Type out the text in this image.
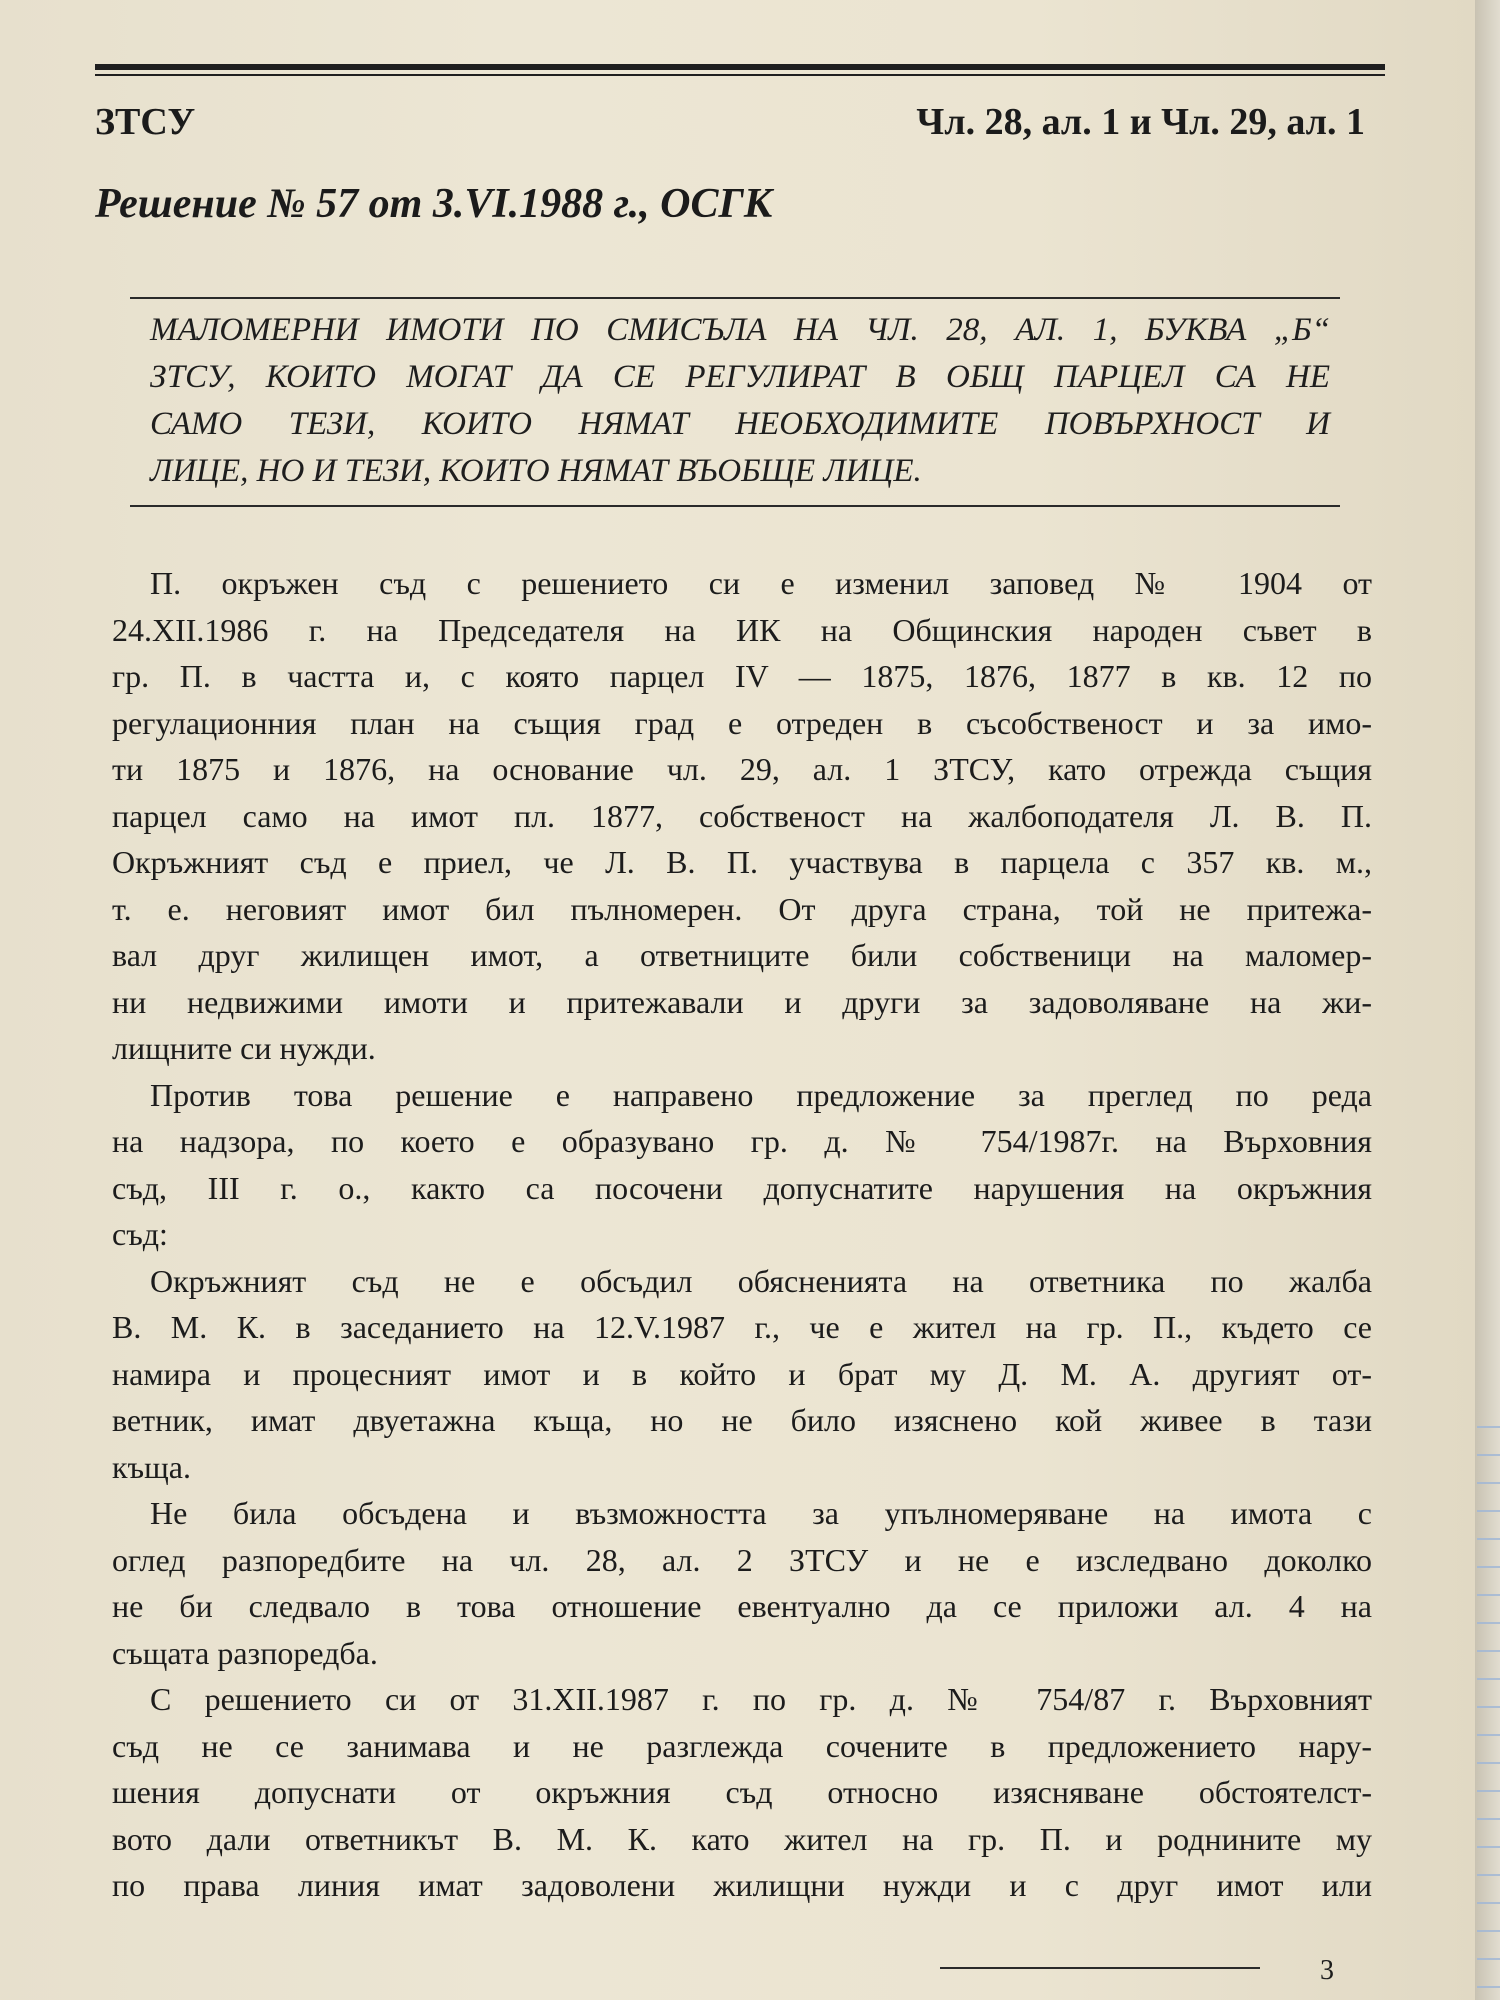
ЗТСУ	Чл. 28, ал. 1 и Чл. 29, ал. 1
Решение № 57 от 3.VI.1988 г., ОСГК
МАЛОМЕРНИ ИМОТИ ПО СМИСЪЛА НА ЧЛ. 28, АЛ. 1, БУКВА „Б“
ЗТСУ, КОИТО МОГАТ ДА СЕ РЕГУЛИРАТ В ОБЩ ПАРЦЕЛ СА НЕ
САМО ТЕЗИ, КОИТО НЯМАТ НЕОБХОДИМИТЕ ПОВЪРХНОСТ И
ЛИЦЕ, НО И ТЕЗИ, КОИТО НЯМАТ ВЪОБЩЕ ЛИЦЕ.
П. окръжен съд с решението си е изменил заповед № 1904 от
24.XII.1986 г. на Председателя на ИК на Общинския народен съвет в
гр. П. в частта и, с която парцел IV — 1875, 1876, 1877 в кв. 12 по
регулационния план на същия град е отреден в съсобственост и за имо-
ти 1875 и 1876, на основание чл. 29, ал. 1 ЗТСУ, като отрежда същия
парцел само на имот пл. 1877, собственост на жалбоподателя Л. В. П.
Окръжният съд е приел, че Л. В. П. участвува в парцела с 357 кв. м.,
т. е. неговият имот бил пълномерен. От друга страна, той не притежа-
вал друг жилищен имот, а ответниците били собственици на маломер-
ни недвижими имоти и притежавали и други за задоволяване на жи-
лищните си нужди.
Против това решение е направено предложение за преглед по реда
на надзора, по което е образувано гр. д. № 754/1987г. на Върховния
съд, III г. о., както са посочени допуснатите нарушения на окръжния
съд:
Окръжният съд не е обсъдил обясненията на ответника по жалба
В. М. К. в заседанието на 12.V.1987 г., че е жител на гр. П., където се
намира и процесният имот и в който и брат му Д. М. А. другият от-
ветник, имат двуетажна къща, но не било изяснено кой живее в тази
къща.
Не била обсъдена и възможността за упълномеряване на имота с
оглед разпоредбите на чл. 28, ал. 2 ЗТСУ и не е изследвано доколко
не би следвало в това отношение евентуално да се приложи ал. 4 на
същата разпоредба.
С решението си от 31.XII.1987 г. по гр. д. № 754/87 г. Върховният
съд не се занимава и не разглежда сочените в предложението нару-
шения допуснати от окръжния съд относно изясняване обстоятелст-
вото дали ответникът В. М. К. като жител на гр. П. и роднините му
по права линия имат задоволени жилищни нужди и с друг имот или
3
